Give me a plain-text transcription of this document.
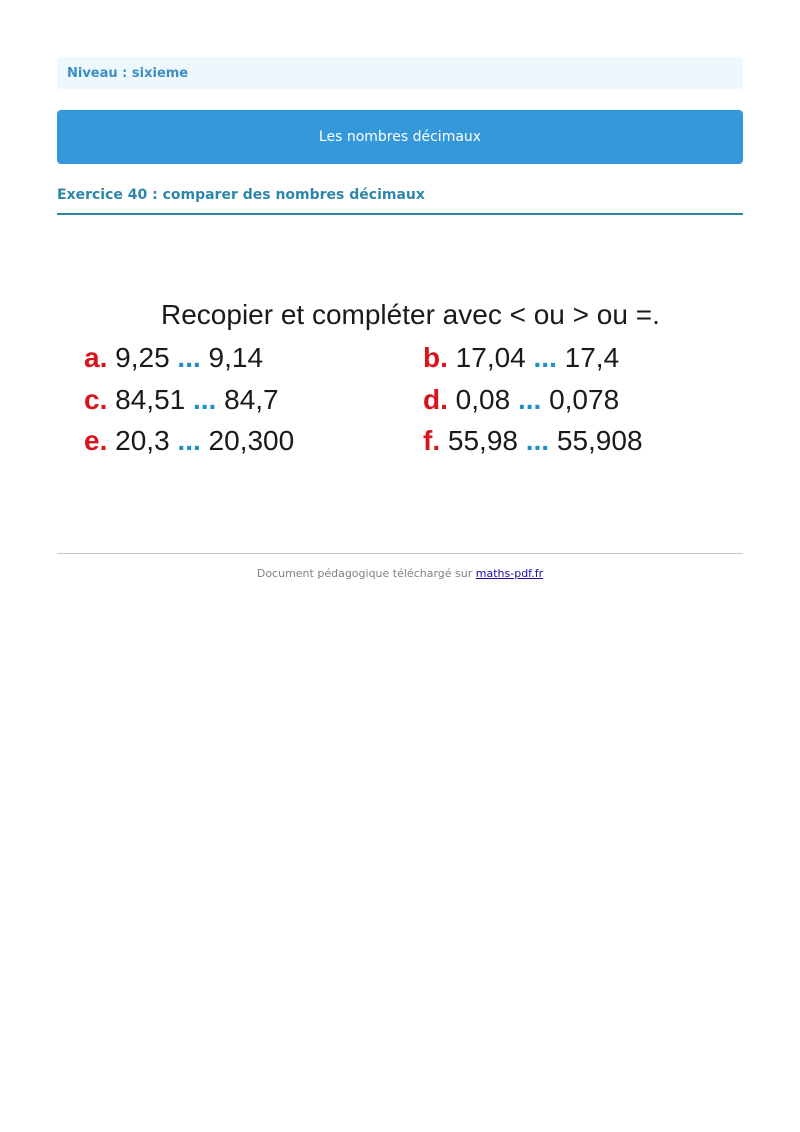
Niveau : sixieme
Les nombres décimaux
Exercice 40 : comparer des nombres décimaux
Recopier et compléter avec < ou > ou =.
a. 9,25 ... 9,14	b. 17,04 ... 17,4
c. 84,51 ... 84,7	d. 0,08 ... 0,078
e. 20,3 ... 20,300	f. 55,98 ... 55,908
Document pédagogique téléchargé sur maths-pdf.fr
